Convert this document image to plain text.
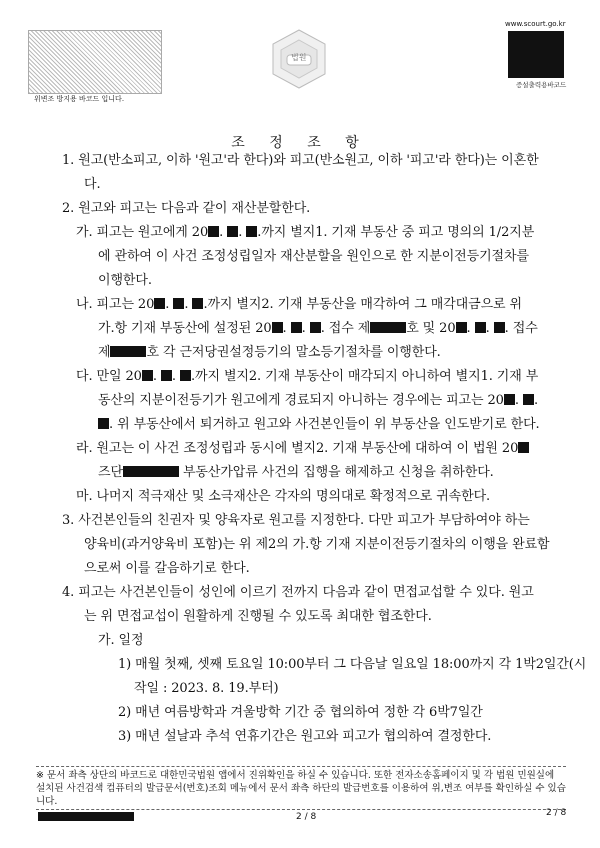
위변조 방지용 바코드 입니다.
법원
www.scourt.go.kr
증설출력용바코드
조 정 조 항
1. 원고(반소피고, 이하 '원고'라 한다)와 피고(반소원고, 이하 '피고'라 한다)는 이혼한
다.
2. 원고와 피고는 다음과 같이 재산분할한다.
가. 피고는 원고에게 20 . . .까지 별지1. 기재 부동산 중 피고 명의의 1/2지분
에 관하여 이 사건 조정성립일자 재산분할을 원인으로 한 지분이전등기절차를
이행한다.
나. 피고는 20 . . .까지 별지2. 기재 부동산을 매각하여 그 매각대금으로 위
가.항 기재 부동산에 설정된 20 . . . 접수 제	호 및 20 . . . 접수
제	호 각 근저당권설정등기의 말소등기절차를 이행한다.
다. 만일 20 . . .까지 별지2. 기재 부동산이 매각되지 아니하여 별지1. 기재 부
동산의 지분이전등기가 원고에게 경료되지 아니하는 경우에는 피고는 20 . .
. 위 부동산에서 퇴거하고 원고와 사건본인들이 위 부동산을 인도받기로 한다.
라. 원고는 이 사건 조정성립과 동시에 별지2. 기재 부동산에 대하여 이 법원 20
즈단	부동산가압류 사건의 집행을 해제하고 신청을 취하한다.
마. 나머지 적극재산 및 소극재산은 각자의 명의대로 확정적으로 귀속한다.
3. 사건본인들의 친권자 및 양육자로 원고를 지정한다. 다만 피고가 부담하여야 하는
양육비(과거양육비 포함)는 위 제2의 가.항 기재 지분이전등기절차의 이행을 완료함
으로써 이를 갈음하기로 한다.
4. 피고는 사건본인들이 성인에 이르기 전까지 다음과 같이 면접교섭할 수 있다. 원고
는 위 면접교섭이 원활하게 진행될 수 있도록 최대한 협조한다.
가. 일정
1) 매월 첫째, 셋째 토요일 10:00부터 그 다음날 일요일 18:00까지 각 1박2일간(시
작일 : 2023. 8. 19.부터)
2) 매년 여름방학과 겨울방학 기간 중 협의하여 정한 각 6박7일간
3) 매년 설날과 추석 연휴기간은 원고와 피고가 협의하여 결정한다.
※ 문서 좌측 상단의 바코드로 대한민국법원 앱에서 진위확인을 하실 수 있습니다. 또한 전자소송홈페이지 및 각 법원 민원실에 설치된 사건검색 컴퓨터의 발급문서(번호)조회 메뉴에서 문서 좌측 하단의 발급번호를 이용하여 위,변조 여부를 확인하실 수 있습니다.
2 / 8	2 / 8
